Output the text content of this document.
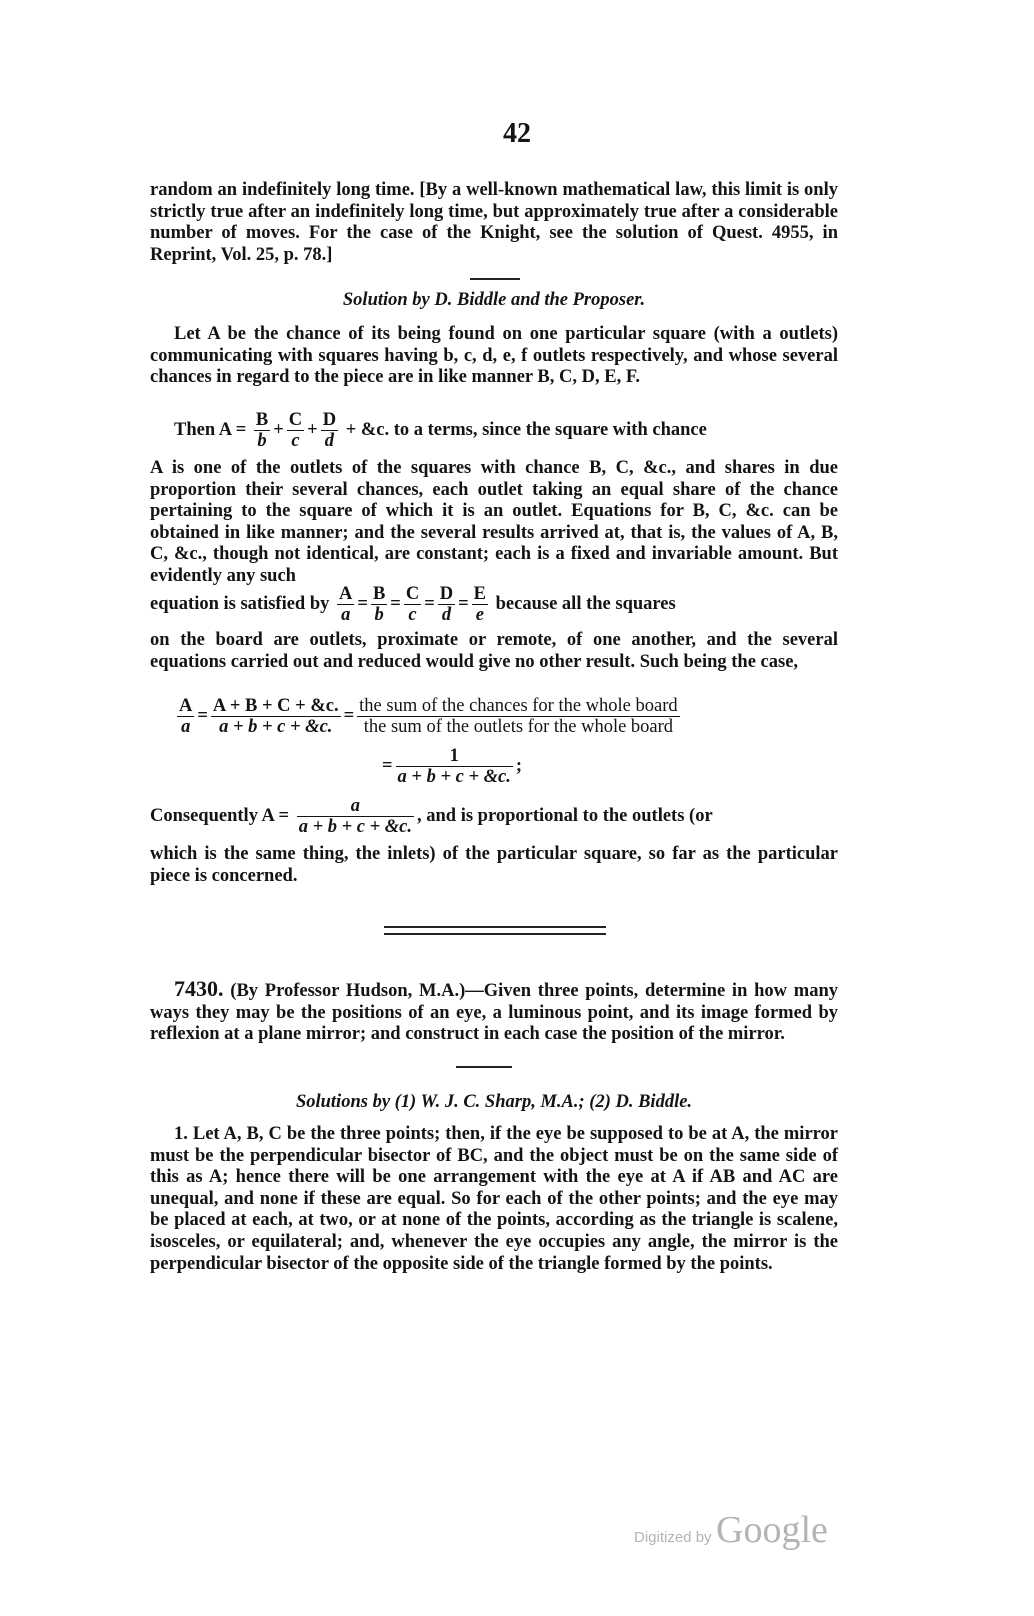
42

random an indefinitely long time. [By a well-known mathematical law, this limit is only strictly true after an indefinitely long time, but approximately true after a considerable number of moves. For the case of the Knight, see the solution of Quest. 4955, in Reprint, Vol. 25, p. 78.]

Solution by D. Biddle and the Proposer.

Let A be the chance of its being found on one particular square (with a outlets) communicating with squares having b, c, d, e, f outlets respectively, and whose several chances in regard to the piece are in like manner B, C, D, E, F.

Then $A = \frac{B}{b} + \frac{C}{c} + \frac{D}{d}$ + &c. to a terms, since the square with chance

A is one of the outlets of the squares with chance B, C, &c., and shares in due proportion their several chances, each outlet taking an equal share of the chance pertaining to the square of which it is an outlet. Equations for B, C, &c. can be obtained in like manner; and the several results arrived at, that is, the values of A, B, C, &c., though not identical, are constant; each is a fixed and invariable amount. But evidently any such

equation is satisfied by $\frac{A}{a} = \frac{B}{b} = \frac{C}{c} = \frac{D}{d} = \frac{E}{e}$ because all the squares

on the board are outlets, proximate or remote, of one another, and the several equations carried out and reduced would give no other result. Such being the case,

$\frac{A}{a} = \frac{A + B + C + \&c.}{a + b + c + \&c.} = \frac{\text{the sum of the chances for the whole board}}{\text{the sum of the outlets for the whole board}}$
= $\frac{1}{a + b + c + \&c.}$ ;
Consequently $A = \frac{a}{a + b + c + \&c.}$ , and is proportional to the outlets (or

which is the same thing, the inlets) of the particular square, so far as the particular piece is concerned.

7430. (By Professor Hudson, M.A.)—Given three points, determine in how many ways they may be the positions of an eye, a luminous point, and its image formed by reflexion at a plane mirror; and construct in each case the position of the mirror.

Solutions by (1) W. J. C. Sharp, M.A.; (2) D. Biddle.

1. Let A, B, C be the three points; then, if the eye be supposed to be at A, the mirror must be the perpendicular bisector of BC, and the object must be on the same side of this as A; hence there will be one arrangement with the eye at A if AB and AC are unequal, and none if these are equal. So for each of the other points; and the eye may be placed at each, at two, or at none of the points, according as the triangle is scalene, isosceles, or equilateral; and, whenever the eye occupies any angle, the mirror is the perpendicular bisector of the opposite side of the triangle formed by the points.

Digitized by Google
